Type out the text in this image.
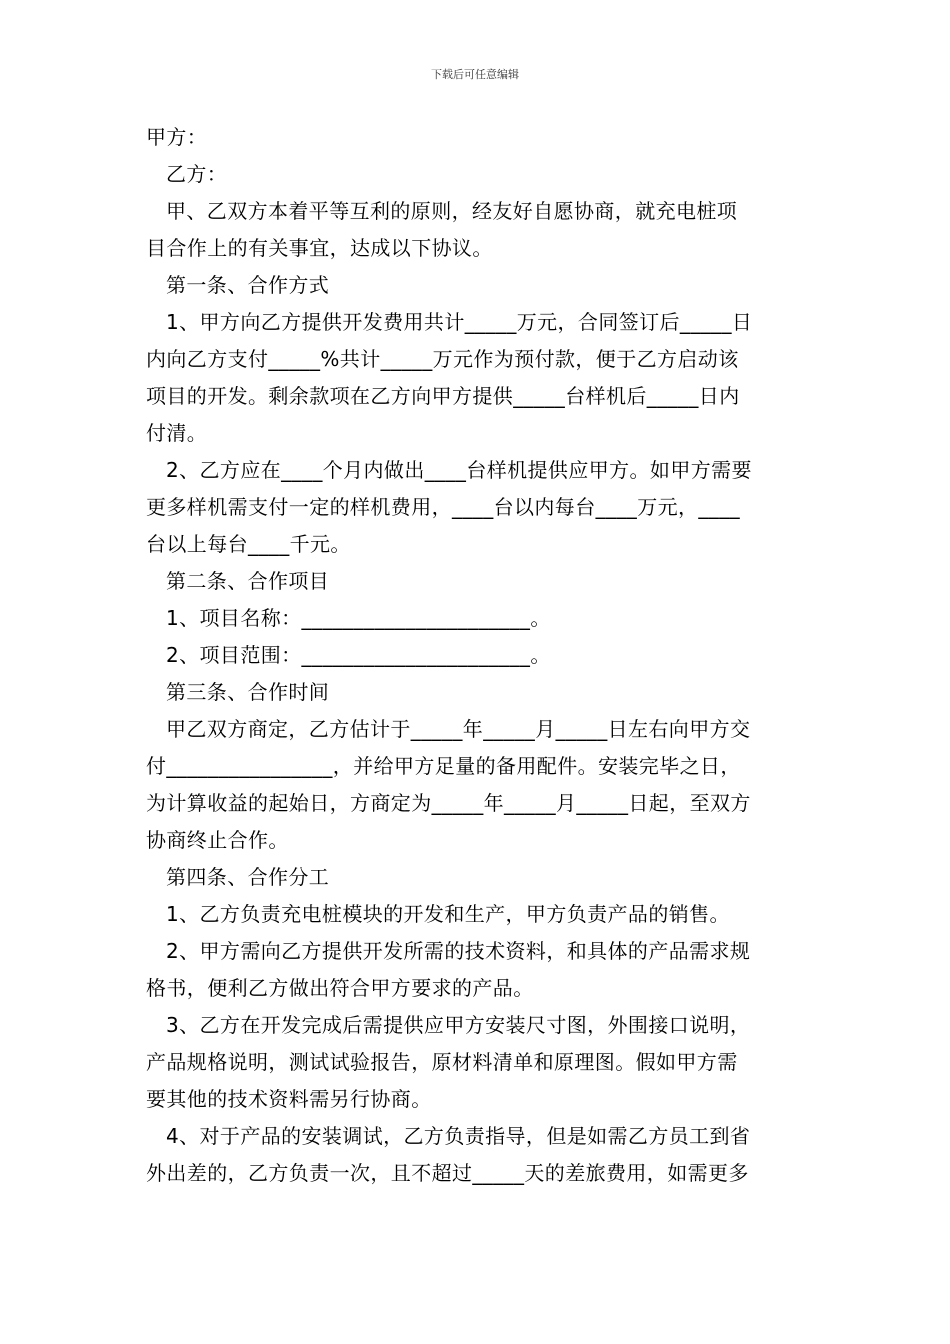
下载后可任意编辑
甲方：
乙方：
甲、乙双方本着平等互利的原则，经友好自愿协商，就充电桩项
目合作上的有关事宜，达成以下协议。
第一条、合作方式
1、甲方向乙方提供开发费用共计_____万元，合同签订后_____日
内向乙方支付_____%共计_____万元作为预付款，便于乙方启动该
项目的开发。剩余款项在乙方向甲方提供_____台样机后_____日内
付清。
2、乙方应在____个月内做出____台样机提供应甲方。如甲方需要
更多样机需支付一定的样机费用，____台以内每台____万元，____
台以上每台____千元。
第二条、合作项目
1、项目名称：______________________。
2、项目范围：______________________。
第三条、合作时间
甲乙双方商定，乙方估计于_____年_____月_____日左右向甲方交
付________________，并给甲方足量的备用配件。安装完毕之日，
为计算收益的起始日，方商定为_____年_____月_____日起，至双方
协商终止合作。
第四条、合作分工
1、乙方负责充电桩模块的开发和生产，甲方负责产品的销售。
2、甲方需向乙方提供开发所需的技术资料，和具体的产品需求规
格书，便利乙方做出符合甲方要求的产品。
3、乙方在开发完成后需提供应甲方安装尺寸图，外围接口说明，
产品规格说明，测试试验报告，原材料清单和原理图。假如甲方需
要其他的技术资料需另行协商。
4、对于产品的安装调试，乙方负责指导，但是如需乙方员工到省
外出差的，乙方负责一次，且不超过_____天的差旅费用，如需更多
